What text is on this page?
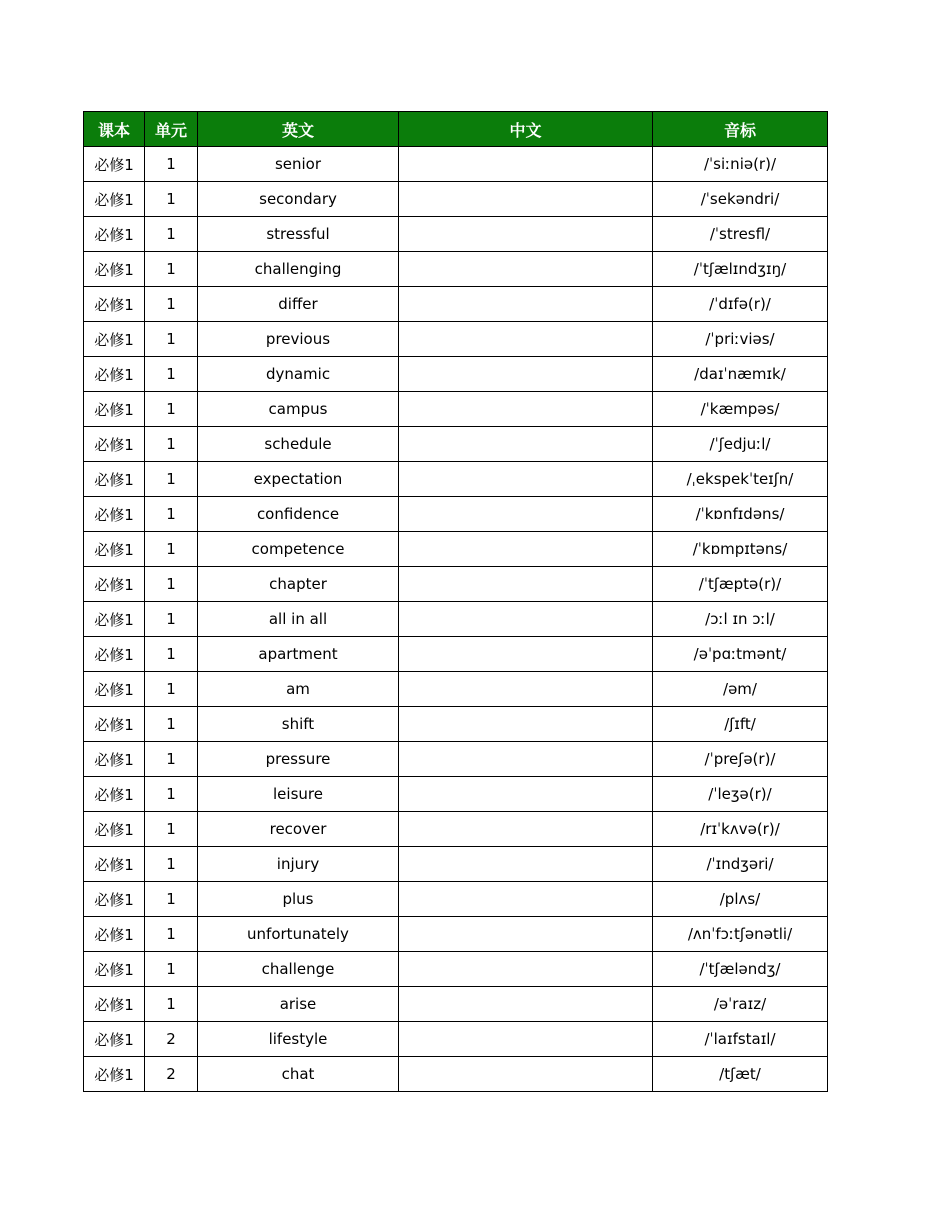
课本	单元	英文	中文	音标
必修1	1	senior		/ˈsiːniə(r)/
必修1	1	secondary		/ˈsekəndri/
必修1	1	stressful		/ˈstresfl/
必修1	1	challenging		/ˈtʃælɪndʒɪŋ/
必修1	1	differ		/ˈdɪfə(r)/
必修1	1	previous		/ˈpriːviəs/
必修1	1	dynamic		/daɪˈnæmɪk/
必修1	1	campus		/ˈkæmpəs/
必修1	1	schedule		/ˈʃedjuːl/
必修1	1	expectation		/ˌekspekˈteɪʃn/
必修1	1	confidence		/ˈkɒnfɪdəns/
必修1	1	competence		/ˈkɒmpɪtəns/
必修1	1	chapter		/ˈtʃæptə(r)/
必修1	1	all in all		/ɔːl ɪn ɔːl/
必修1	1	apartment		/əˈpɑːtmənt/
必修1	1	am		/əm/
必修1	1	shift		/ʃɪft/
必修1	1	pressure		/ˈpreʃə(r)/
必修1	1	leisure		/ˈleʒə(r)/
必修1	1	recover		/rɪˈkʌvə(r)/
必修1	1	injury		/ˈɪndʒəri/
必修1	1	plus		/plʌs/
必修1	1	unfortunately		/ʌnˈfɔːtʃənətli/
必修1	1	challenge		/ˈtʃæləndʒ/
必修1	1	arise		/əˈraɪz/
必修1	2	lifestyle		/ˈlaɪfstaɪl/
必修1	2	chat		/tʃæt/
